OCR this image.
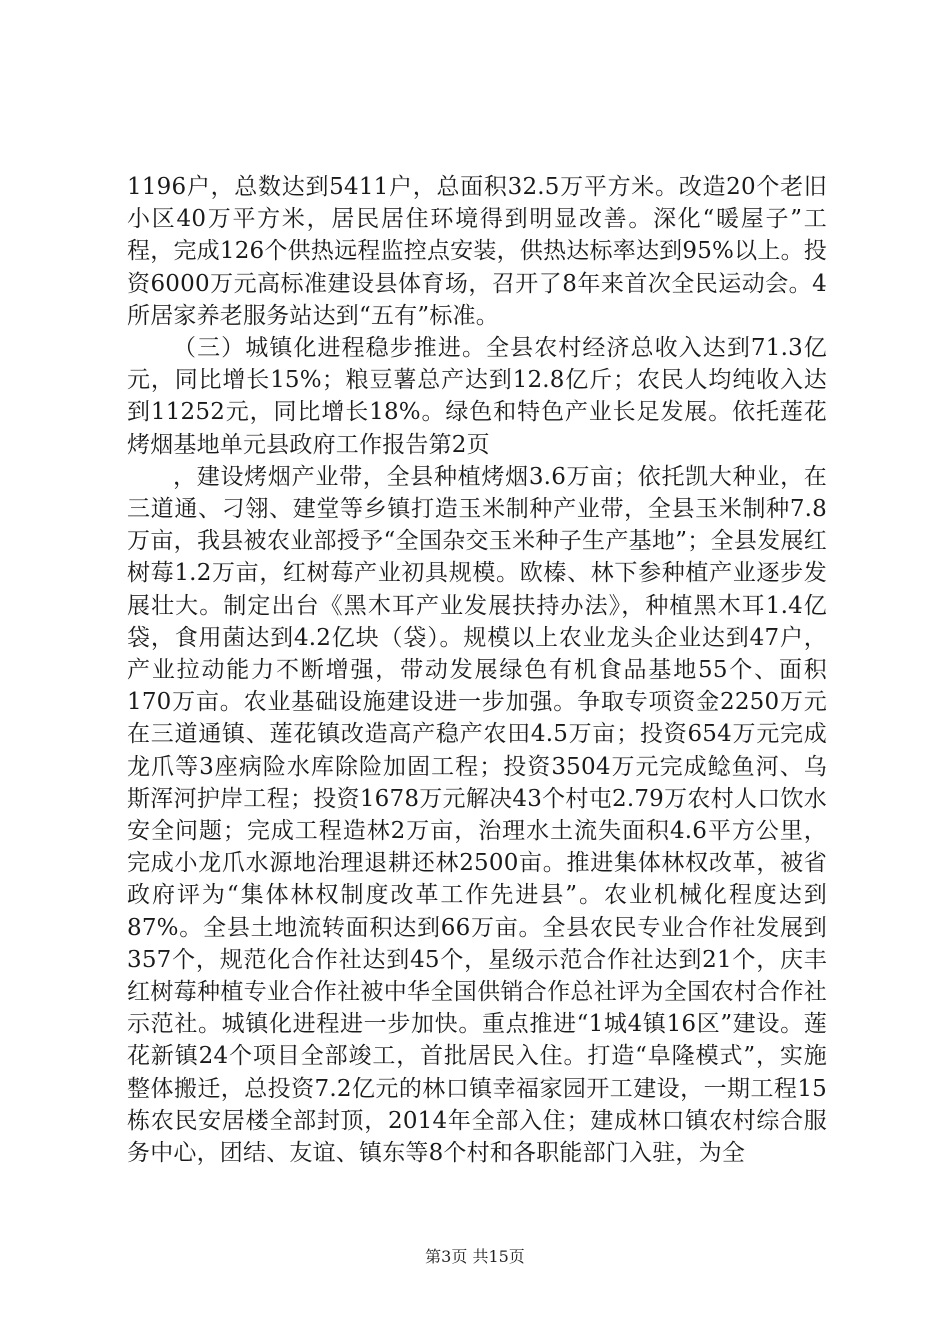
1196户，总数达到5411户，总面积32.5万平方米。改造20个老旧小区40万平方米，居民居住环境得到明显改善。深化“暖屋子”工程，完成126个供热远程监控点安装，供热达标率达到95%以上。投资6000万元高标准建设县体育场，召开了8年来首次全民运动会。4所居家养老服务站达到“五有”标准。

（三）城镇化进程稳步推进。全县农村经济总收入达到71.3亿元，同比增长15%；粮豆薯总产达到12.8亿斤；农民人均纯收入达到11252元，同比增长18%。绿色和特色产业长足发展。依托莲花烤烟基地单元县政府工作报告第2页

，建设烤烟产业带，全县种植烤烟3.6万亩；依托凯大种业，在三道通、刁翎、建堂等乡镇打造玉米制种产业带，全县玉米制种7.8万亩，我县被农业部授予“全国杂交玉米种子生产基地”；全县发展红树莓1.2万亩，红树莓产业初具规模。欧榛、林下参种植产业逐步发展壮大。制定出台《黑木耳产业发展扶持办法》，种植黑木耳1.4亿袋，食用菌达到4.2亿块（袋）。规模以上农业龙头企业达到47户，产业拉动能力不断增强，带动发展绿色有机食品基地55个、面积170万亩。农业基础设施建设进一步加强。争取专项资金2250万元在三道通镇、莲花镇改造高产稳产农田4.5万亩；投资654万元完成龙爪等3座病险水库除险加固工程；投资3504万元完成鲶鱼河、乌斯浑河护岸工程；投资1678万元解决43个村屯2.79万农村人口饮水安全问题；完成工程造林2万亩，治理水土流失面积4.6平方公里，完成小龙爪水源地治理退耕还林2500亩。推进集体林权改革，被省政府评为“集体林权制度改革工作先进县”。农业机械化程度达到87%。全县土地流转面积达到66万亩。全县农民专业合作社发展到357个，规范化合作社达到45个，星级示范合作社达到21个，庆丰红树莓种植专业合作社被中华全国供销合作总社评为全国农村合作社示范社。城镇化进程进一步加快。重点推进“1城4镇16区”建设。莲花新镇24个项目全部竣工，首批居民入住。打造“阜隆模式”，实施整体搬迁，总投资7.2亿元的林口镇幸福家园开工建设，一期工程15栋农民安居楼全部封顶，2014年全部入住；建成林口镇农村综合服务中心，团结、友谊、镇东等8个村和各职能部门入驻，为全

第3页 共15页
